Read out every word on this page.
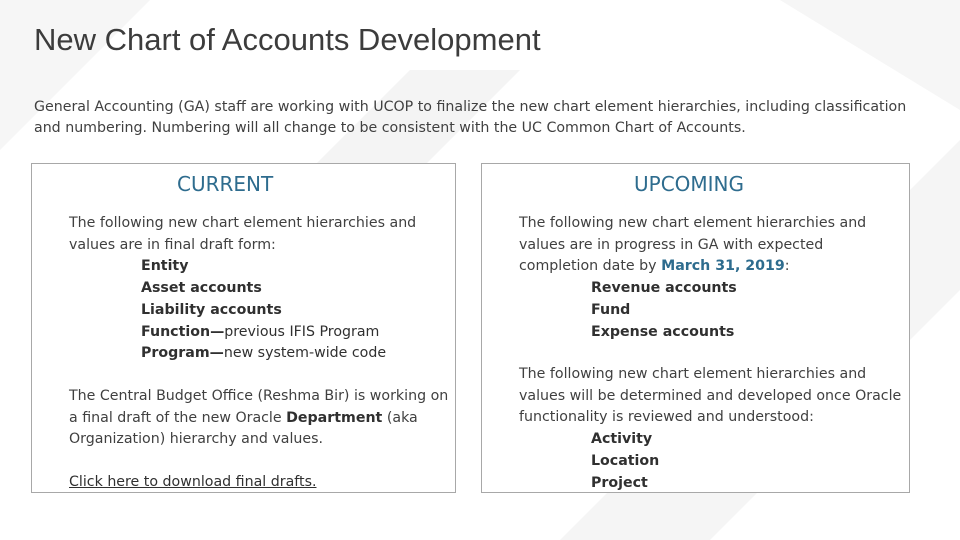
New Chart of Accounts Development

General Accounting (GA) staff are working with UCOP to finalize the new chart element hierarchies, including classification and numbering. Numbering will all change to be consistent with the UC Common Chart of Accounts.

CURRENT
The following new chart element hierarchies and values are in final draft form:
Entity
Asset accounts
Liability accounts
Function—previous IFIS Program
Program—new system-wide code
The Central Budget Office (Reshma Bir) is working on a final draft of the new Oracle Department (aka Organization) hierarchy and values.
Click here to download final drafts.
UPCOMING
The following new chart element hierarchies and values are in progress in GA with expected completion date by March 31, 2019:
Revenue accounts
Fund
Expense accounts
The following new chart element hierarchies and values will be determined and developed once Oracle functionality is reviewed and understood:
Activity
Location
Project
